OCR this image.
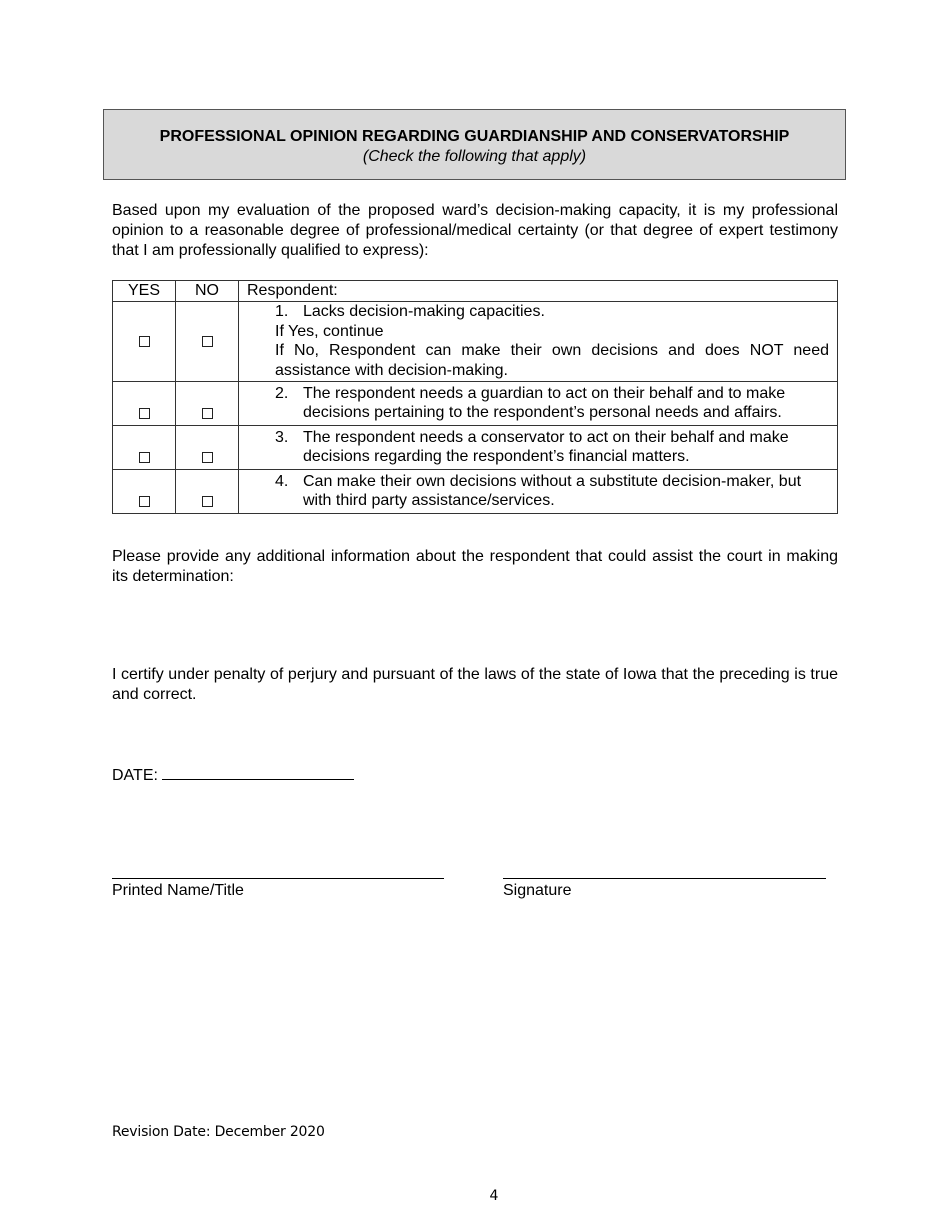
PROFESSIONAL OPINION REGARDING GUARDIANSHIP AND CONSERVATORSHIP
(Check the following that apply)
Based upon my evaluation of the proposed ward’s decision-making capacity, it is my professional opinion to a reasonable degree of professional/medical certainty (or that degree of expert testimony that I am professionally qualified to express):
YES	NO	Respondent:

		1. Lacks decision-making capacities.
If Yes, continue
If No, Respondent can make their own decisions and does NOT need assistance with decision-making.

		2. The respondent needs a guardian to act on their behalf and to make
decisions pertaining to the respondent’s personal needs and affairs.

		3. The respondent needs a conservator to act on their behalf and make
decisions regarding the respondent’s financial matters.

		4. Can make their own decisions without a substitute decision-maker, but
with third party assistance/services.
Please provide any additional information about the respondent that could assist the court in making its determination:
I certify under penalty of perjury and pursuant of the laws of the state of Iowa that the preceding is true and correct.
DATE:
Printed Name/Title	Signature
Revision Date: December 2020
4
